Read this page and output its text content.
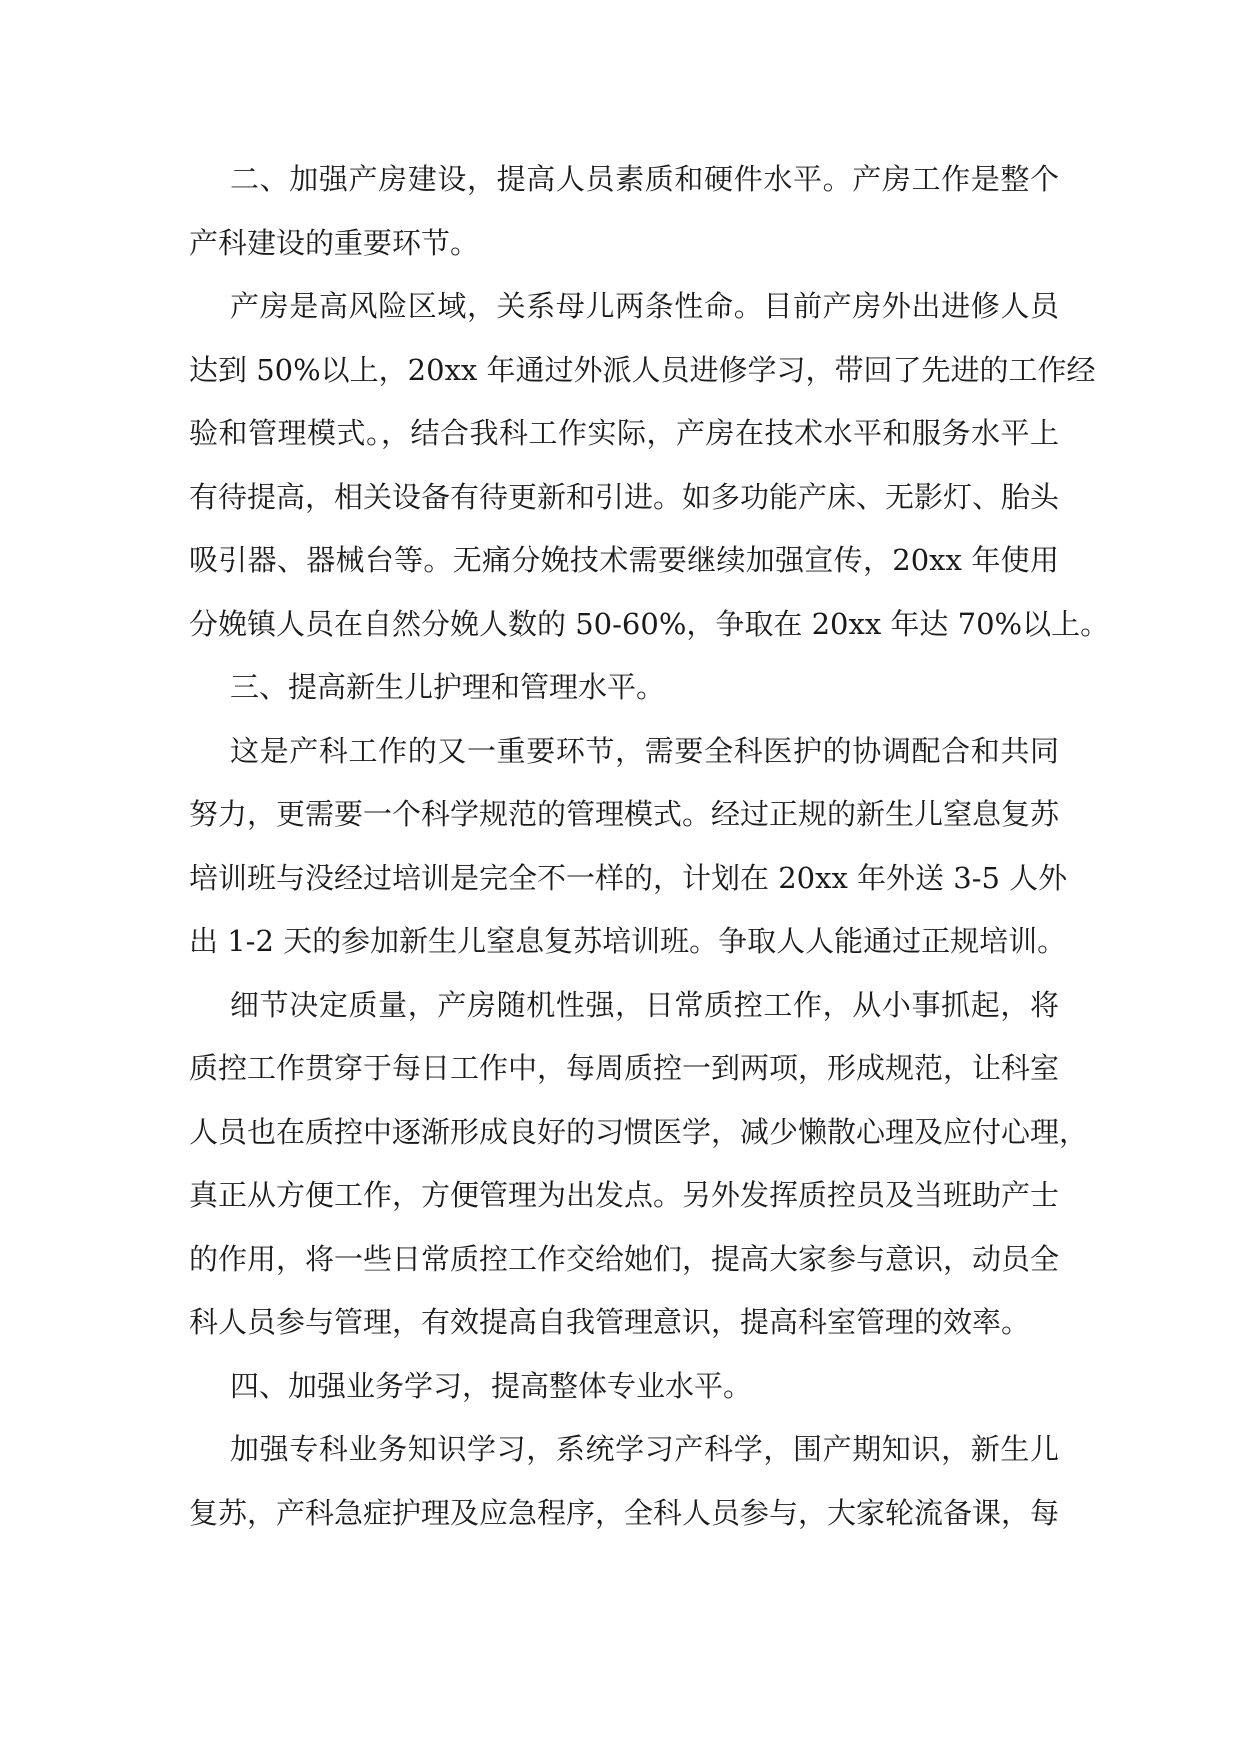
二、加强产房建设，提高人员素质和硬件水平。产房工作是整个
产科建设的重要环节。
产房是高风险区域，关系母儿两条性命。目前产房外出进修人员
达到 50%以上，20xx 年通过外派人员进修学习，带回了先进的工作经
验和管理模式。，结合我科工作实际，产房在技术水平和服务水平上
有待提高，相关设备有待更新和引进。如多功能产床、无影灯、胎头
吸引器、器械台等。无痛分娩技术需要继续加强宣传，20xx 年使用
分娩镇人员在自然分娩人数的 50-60%，争取在 20xx 年达 70%以上。
三、提高新生儿护理和管理水平。
这是产科工作的又一重要环节，需要全科医护的协调配合和共同
努力，更需要一个科学规范的管理模式。经过正规的新生儿窒息复苏
培训班与没经过培训是完全不一样的，计划在 20xx 年外送 3-5 人外
出 1-2 天的参加新生儿窒息复苏培训班。争取人人能通过正规培训。
细节决定质量，产房随机性强，日常质控工作，从小事抓起，将
质控工作贯穿于每日工作中，每周质控一到两项，形成规范，让科室
人员也在质控中逐渐形成良好的习惯医学，减少懒散心理及应付心理，
真正从方便工作，方便管理为出发点。另外发挥质控员及当班助产士
的作用，将一些日常质控工作交给她们，提高大家参与意识，动员全
科人员参与管理，有效提高自我管理意识，提高科室管理的效率。
四、加强业务学习，提高整体专业水平。
加强专科业务知识学习，系统学习产科学，围产期知识，新生儿
复苏，产科急症护理及应急程序，全科人员参与，大家轮流备课，每
